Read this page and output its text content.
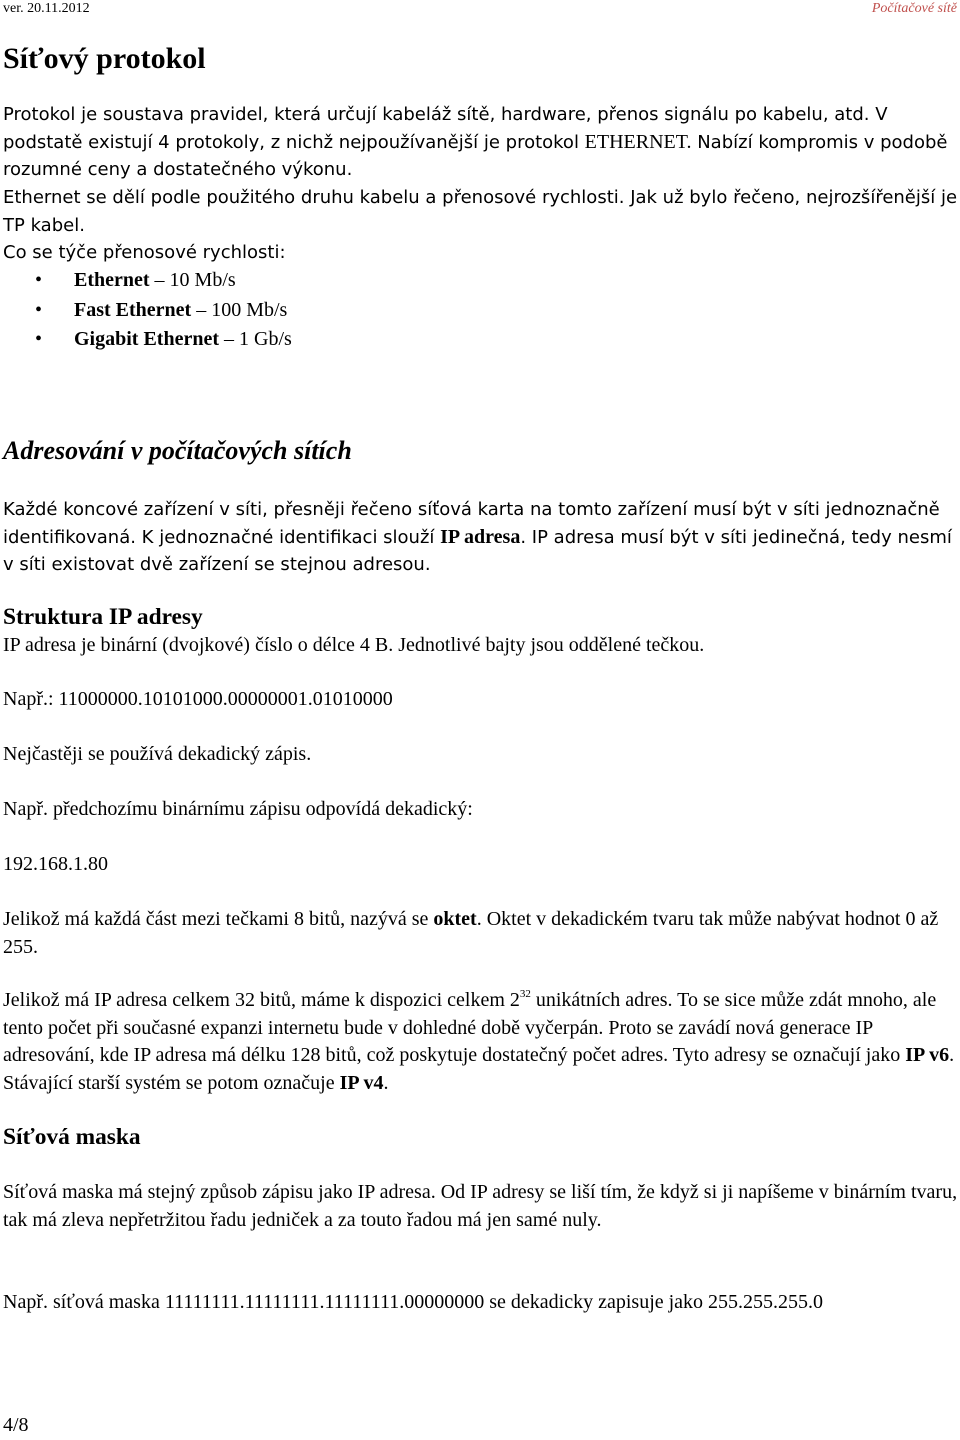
ver. 20.11.2012	Počítačové sítě
Síťový protokol

Protokol je soustava pravidel, která určují kabeláž sítě, hardware, přenos signálu po kabelu, atd. V podstatě existují 4 protokoly, z nichž nejpoužívanější je protokol ETHERNET. Nabízí kompromis v podobě rozumné ceny a dostatečného výkonu.

Ethernet se dělí podle použitého druhu kabelu a přenosové rychlosti. Jak už bylo řečeno, nejrozšířenější je TP kabel.

Co se týče přenosové rychlosti:

• Ethernet – 10 Mb/s
• Fast Ethernet – 100 Mb/s
• Gigabit Ethernet – 1 Gb/s
Adresování v počítačových sítích

Každé koncové zařízení v síti, přesněji řečeno síťová karta na tomto zařízení musí být v síti jednoznačně identifikovaná. K jednoznačné identifikaci slouží IP adresa. IP adresa musí být v síti jedinečná, tedy nesmí v síti existovat dvě zařízení se stejnou adresou.

Struktura IP adresy

IP adresa je binární (dvojkové) číslo o délce 4 B. Jednotlivé bajty jsou oddělené tečkou.

Např.: 11000000.10101000.00000001.01010000

Nejčastěji se používá dekadický zápis.

Např. předchozímu binárnímu zápisu odpovídá dekadický:

192.168.1.80

Jelikož má každá část mezi tečkami 8 bitů, nazývá se oktet. Oktet v dekadickém tvaru tak může nabývat hodnot 0 až 255.

Jelikož má IP adresa celkem 32 bitů, máme k dispozici celkem $2^{32}$ unikátních adres. To se sice může zdát mnoho, ale tento počet při současné expanzi internetu bude v dohledné době vyčerpán. Proto se zavádí nová generace IP adresování, kde IP adresa má délku 128 bitů, což poskytuje dostatečný počet adres. Tyto adresy se označují jako IP v6. Stávající starší systém se potom označuje IP v4.

Síťová maska

Síťová maska má stejný způsob zápisu jako IP adresa. Od IP adresy se liší tím, že když si ji napíšeme v binárním tvaru, tak má zleva nepřetržitou řadu jedniček a za touto řadou má jen samé nuly.

Např. síťová maska 11111111.11111111.11111111.00000000 se dekadicky zapisuje jako 255.255.255.0

4/8
